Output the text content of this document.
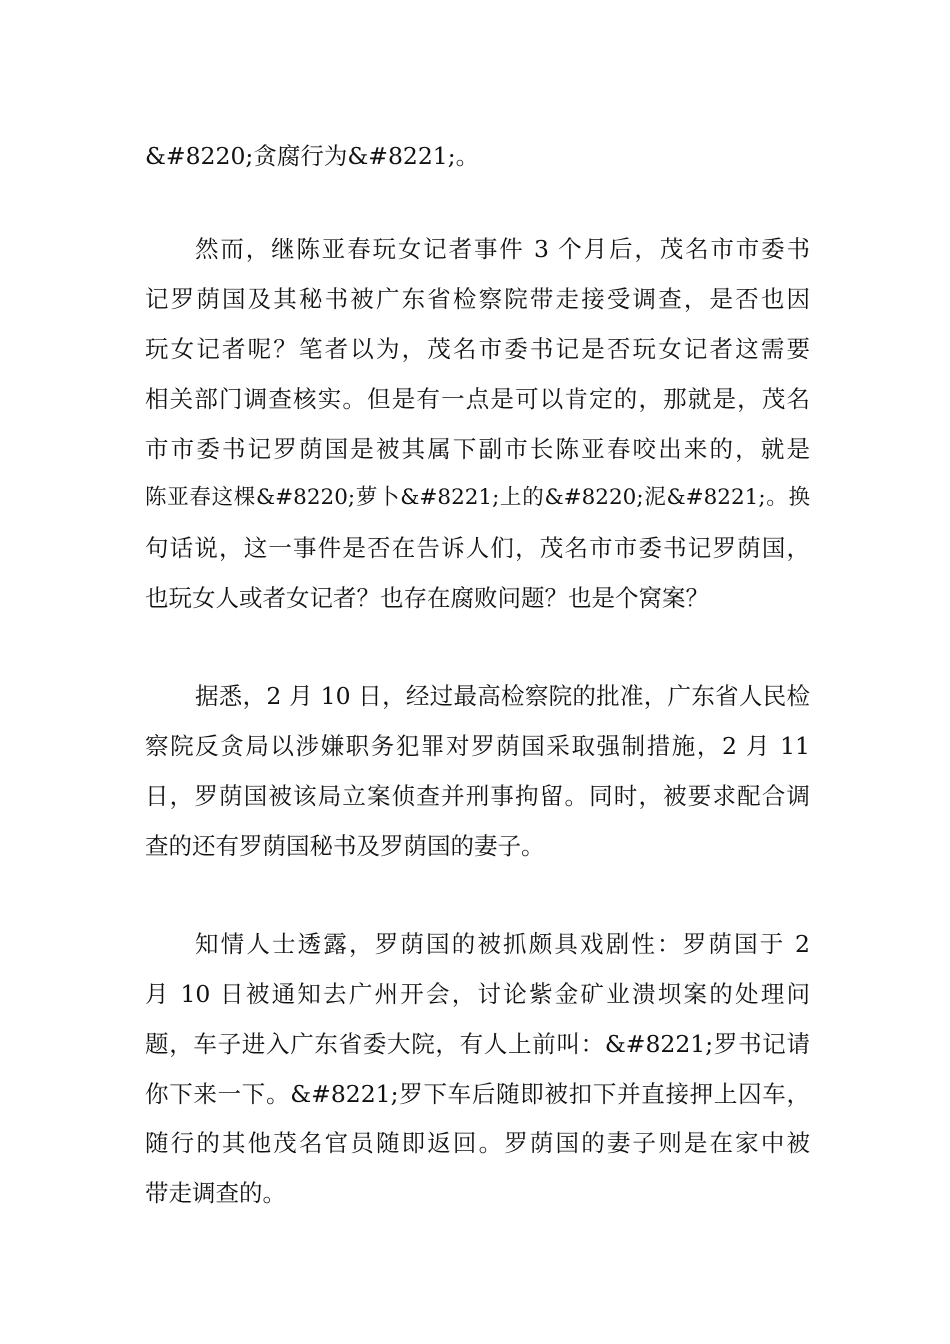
&#8220;贪腐行为&#8221;。

然而，继陈亚春玩女记者事件 3 个月后，茂名市市委书

记罗荫国及其秘书被广东省检察院带走接受调查，是否也因

玩女记者呢？笔者以为，茂名市委书记是否玩女记者这需要

相关部门调查核实。但是有一点是可以肯定的，那就是，茂名

市市委书记罗荫国是被其属下副市长陈亚春咬出来的，就是

陈亚春这棵&#8220;萝卜&#8221;上的&#8220;泥&#8221;。换

句话说，这一事件是否在告诉人们，茂名市市委书记罗荫国，

也玩女人或者女记者？也存在腐败问题？也是个窝案？

据悉，2 月 10 日，经过最高检察院的批准，广东省人民检

察院反贪局以涉嫌职务犯罪对罗荫国采取强制措施，2 月 11

日，罗荫国被该局立案侦查并刑事拘留。同时，被要求配合调

查的还有罗荫国秘书及罗荫国的妻子。

知情人士透露，罗荫国的被抓颇具戏剧性：罗荫国于 2

月 10 日被通知去广州开会，讨论紫金矿业溃坝案的处理问

题，车子进入广东省委大院，有人上前叫：&#8221;罗书记请

你下来一下。&#8221;罗下车后随即被扣下并直接押上囚车，

随行的其他茂名官员随即返回。罗荫国的妻子则是在家中被

带走调查的。
